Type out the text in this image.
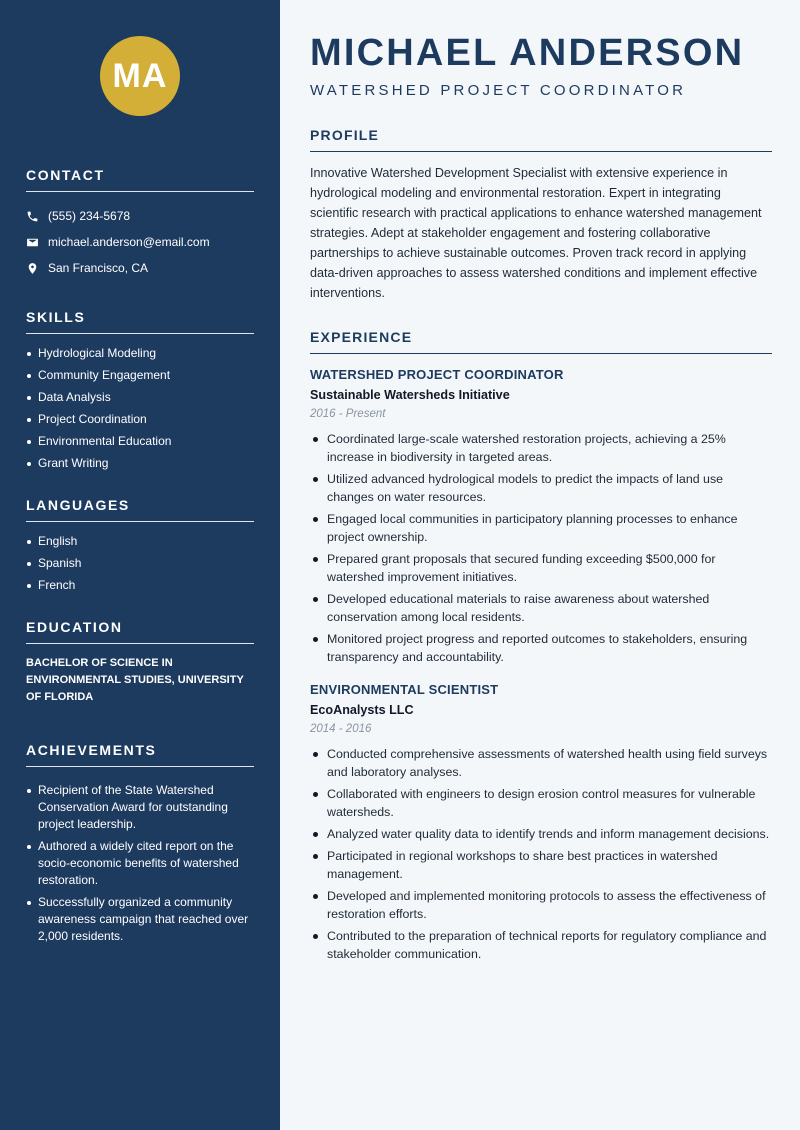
MA
CONTACT
(555) 234-5678
michael.anderson@email.com
San Francisco, CA
SKILLS
Hydrological Modeling
Community Engagement
Data Analysis
Project Coordination
Environmental Education
Grant Writing
LANGUAGES
English
Spanish
French
EDUCATION
BACHELOR OF SCIENCE IN ENVIRONMENTAL STUDIES, UNIVERSITY OF FLORIDA
ACHIEVEMENTS
Recipient of the State Watershed Conservation Award for outstanding project leadership.
Authored a widely cited report on the socio-economic benefits of watershed restoration.
Successfully organized a community awareness campaign that reached over 2,000 residents.
MICHAEL ANDERSON
WATERSHED PROJECT COORDINATOR
PROFILE

Innovative Watershed Development Specialist with extensive experience in hydrological modeling and environmental restoration. Expert in integrating scientific research with practical applications to enhance watershed management strategies. Adept at stakeholder engagement and fostering collaborative partnerships to achieve sustainable outcomes. Proven track record in applying data-driven approaches to assess watershed conditions and implement effective interventions.

EXPERIENCE
WATERSHED PROJECT COORDINATOR
Sustainable Watersheds Initiative
2016 - Present
Coordinated large-scale watershed restoration projects, achieving a 25% increase in biodiversity in targeted areas.
Utilized advanced hydrological models to predict the impacts of land use changes on water resources.
Engaged local communities in participatory planning processes to enhance project ownership.
Prepared grant proposals that secured funding exceeding $500,000 for watershed improvement initiatives.
Developed educational materials to raise awareness about watershed conservation among local residents.
Monitored project progress and reported outcomes to stakeholders, ensuring transparency and accountability.
ENVIRONMENTAL SCIENTIST
EcoAnalysts LLC
2014 - 2016
Conducted comprehensive assessments of watershed health using field surveys and laboratory analyses.
Collaborated with engineers to design erosion control measures for vulnerable watersheds.
Analyzed water quality data to identify trends and inform management decisions.
Participated in regional workshops to share best practices in watershed management.
Developed and implemented monitoring protocols to assess the effectiveness of restoration efforts.
Contributed to the preparation of technical reports for regulatory compliance and stakeholder communication.
